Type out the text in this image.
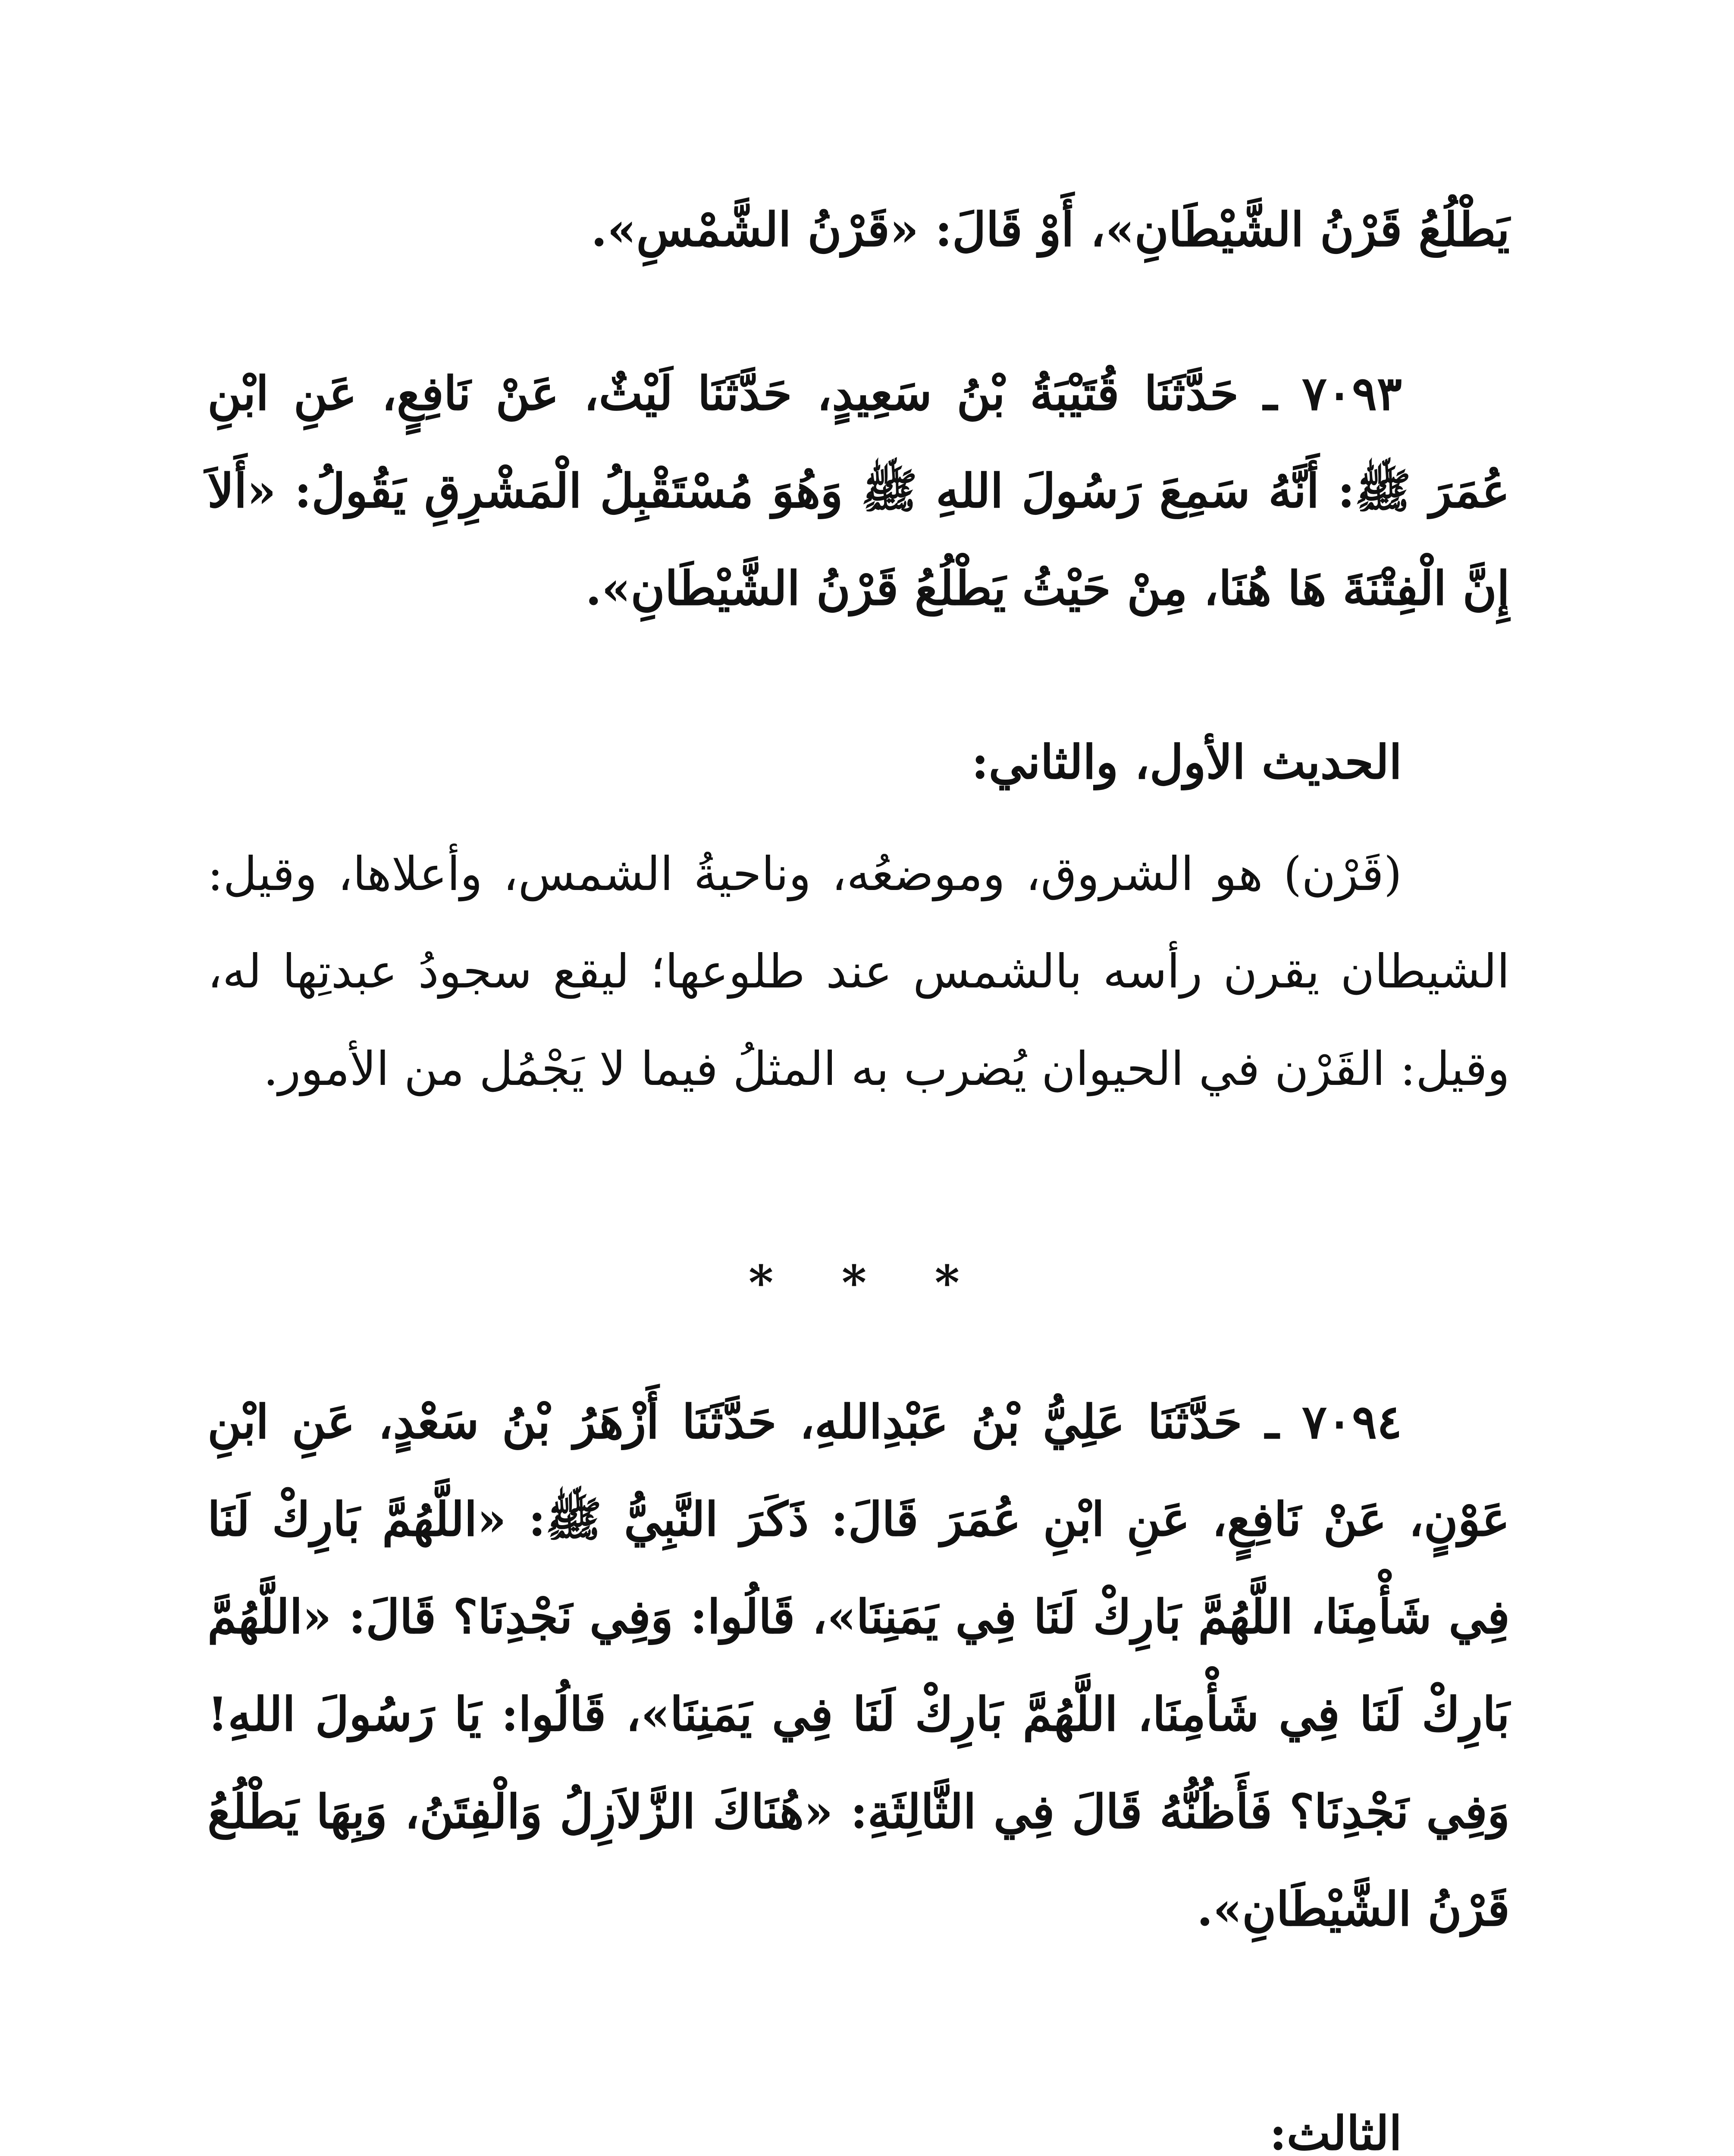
يَطْلُعُ قَرْنُ الشَّيْطَانِ»، أَوْ قَالَ: «قَرْنُ الشَّمْسِ».

٧٠٩٣ ـ حَدَّثَنَا قُتَيْبَةُ بْنُ سَعِيدٍ، حَدَّثَنَا لَيْثٌ، عَنْ نَافِعٍ، عَنِ ابْنِ عُمَرَ ﷺ: أَنَّهُ سَمِعَ رَسُولَ اللهِ ﷺ وَهُوَ مُسْتَقْبِلُ الْمَشْرِقِ يَقُولُ: «أَلاَ إِنَّ الْفِتْنَةَ هَا هُنَا، مِنْ حَيْثُ يَطْلُعُ قَرْنُ الشَّيْطَانِ».

الحديث الأول، والثاني:

(قَرْن) هو الشروق، وموضعُه، وناحيةُ الشمس، وأعلاها، وقيل: الشيطان يقرن رأسه بالشمس عند طلوعها؛ ليقع سجودُ عبدتِها له، وقيل: القَرْن في الحيوان يُضرب به المثلُ فيما لا يَجْمُل من الأمور.

* * *

٧٠٩٤ ـ حَدَّثَنَا عَلِيُّ بْنُ عَبْدِاللهِ، حَدَّثَنَا أَزْهَرُ بْنُ سَعْدٍ، عَنِ ابْنِ عَوْنٍ، عَنْ نَافِعٍ، عَنِ ابْنِ عُمَرَ قَالَ: ذَكَرَ النَّبِيُّ ﷺ: «اللَّهُمَّ بَارِكْ لَنَا فِي شَأْمِنَا، اللَّهُمَّ بَارِكْ لَنَا فِي يَمَنِنَا»، قَالُوا: وَفِي نَجْدِنَا؟ قَالَ: «اللَّهُمَّ بَارِكْ لَنَا فِي شَأْمِنَا، اللَّهُمَّ بَارِكْ لَنَا فِي يَمَنِنَا»، قَالُوا: يَا رَسُولَ اللهِ! وَفِي نَجْدِنَا؟ فَأَظُنُّهُ قَالَ فِي الثَّالِثَةِ: «هُنَاكَ الزَّلاَزِلُ وَالْفِتَنُ، وَبِهَا يَطْلُعُ قَرْنُ الشَّيْطَانِ».

الثالث:
